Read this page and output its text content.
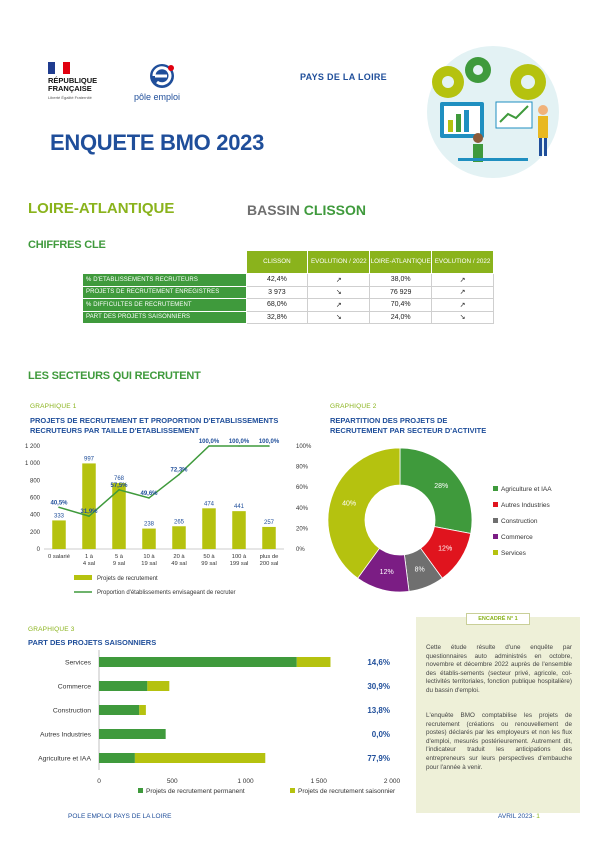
RÉPUBLIQUE
FRANÇAISE
Liberté Égalité Fraternité	pôle emploi
PAYS DE LA LOIRE
ENQUETE BMO 2023
LOIRE-ATLANTIQUE	BASSIN CLISSON
CHIFFRES CLE
	CLISSON	EVOLUTION / 2022	LOIRE-ATLANTIQUE	EVOLUTION / 2022
% D'ETABLISSEMENTS RECRUTEURS	42,4%	↗	38,0%	↗
PROJETS DE RECRUTEMENT ENREGISTRES	3 973	↘	76 929	↗
% DIFFICULTES DE RECRUTEMENT	68,0%	↗	70,4%	↗
PART DES PROJETS SAISONNIERS	32,8%	↘	24,0%	↘
LES SECTEURS QUI RECRUTENT
GRAPHIQUE 1
PROJETS DE RECRUTEMENT ET PROPORTION D'ETABLISSEMENTS RECRUTEURS PAR TAILLE D'ETABLISSEMENT
0
200
400
600
800
1 000
1 200
0%
20%
40%
60%
80%
100%
333
997
768
238	265
474	441
257
40,5%
31,9%
57,5%
49,6%
72,3%
100,0% 100,0% 100,0%
0 salarié	1 à 4 sal
5 à 9 sal
10 à 19 sal
20 à 49 sal
50 à 99 sal
100 à 199 sal
plus de 200 sal
Projets de recrutement
Proportion d'établissements envisageant de recruter
GRAPHIQUE 2
REPARTITION DES PROJETS DE RECRUTEMENT PAR SECTEUR D'ACTIVITE
28%
12%
8%
12%
40%
Agriculture et IAA
Autres Industries
Construction
Commerce
Services
GRAPHIQUE 3
PART DES PROJETS SAISONNIERS
0	500	1 000	1 500	2 000
Services	14,6%
Commerce	30,9%
Construction	13,8%
Autres Industries	0,0%
Agriculture et IAA	77,9%
Projets de recrutement permanent	Projets de recrutement saisonnier
ENCADRÉ N° 1
Cette étude résulte d'une enquête par questionnaires auto administrés en octobre, novembre et décembre 2022 auprès de l'ensemble des établis-sements (secteur privé, agricole, col-lectivités territoriales, fonction publique hospitalière) du bassin d'emploi.
L'enquête BMO comptabilise les projets de recrutement (créations ou renouvellement de postes) déclarés par les employeurs et non les flux d'emploi, mesurés postérieurement. Autrement dit, l'indicateur traduit les anticipations des entrepreneurs sur leurs perspectives d'embauche pour l'année à venir.
POLE EMPLOI PAYS DE LA LOIRE	AVRIL 2023- 1
